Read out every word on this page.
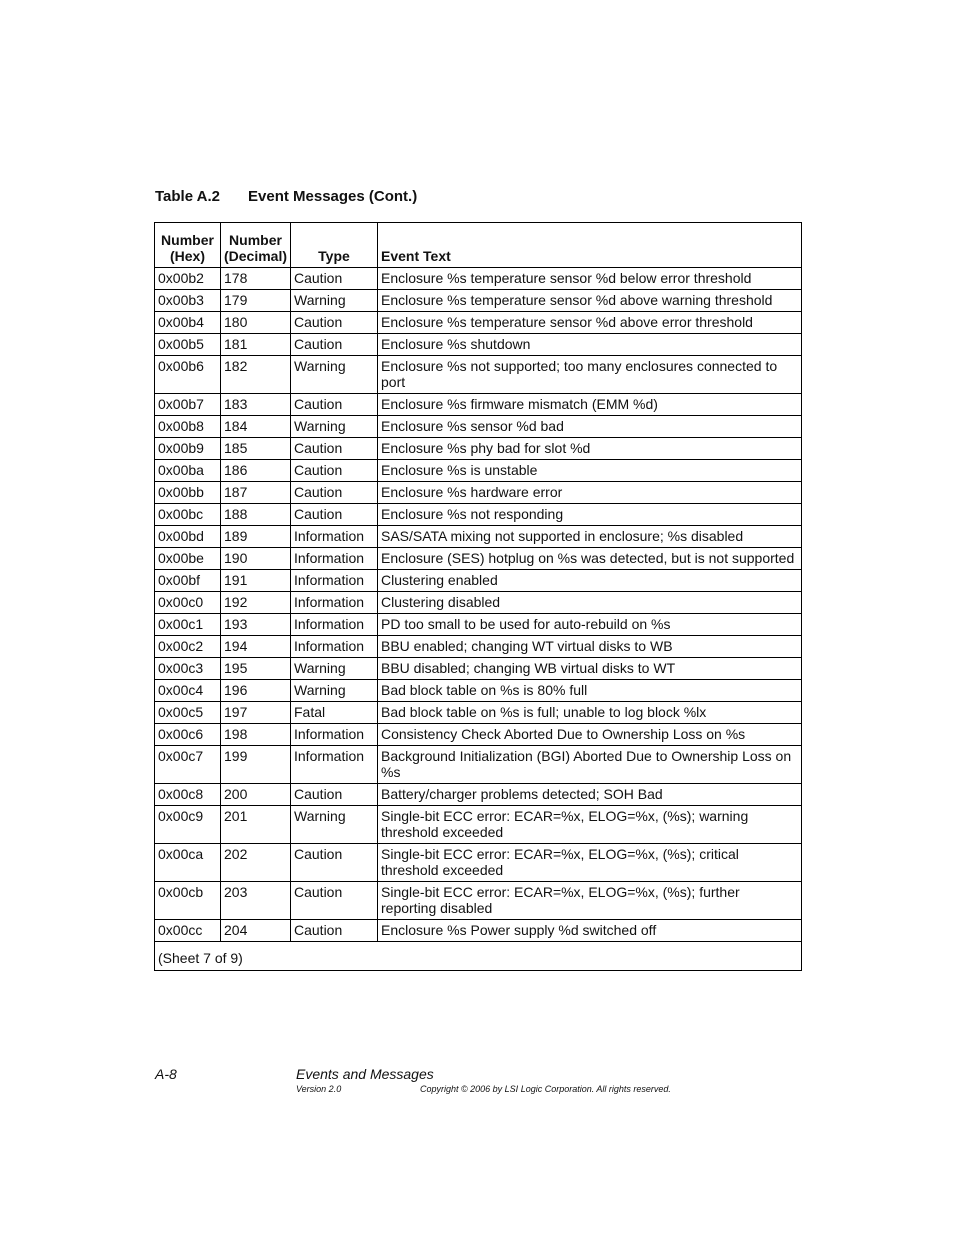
Table A.2 Event Messages (Cont.)
Number (Hex)	Number (Decimal)	Type	Event Text
0x00b2	178	Caution	Enclosure %s temperature sensor %d below error threshold
0x00b3	179	Warning	Enclosure %s temperature sensor %d above warning threshold
0x00b4	180	Caution	Enclosure %s temperature sensor %d above error threshold
0x00b5	181	Caution	Enclosure %s shutdown
0x00b6	182	Warning	Enclosure %s not supported; too many enclosures connected to port
0x00b7	183	Caution	Enclosure %s firmware mismatch (EMM %d)
0x00b8	184	Warning	Enclosure %s sensor %d bad
0x00b9	185	Caution	Enclosure %s phy bad for slot %d
0x00ba	186	Caution	Enclosure %s is unstable
0x00bb	187	Caution	Enclosure %s hardware error
0x00bc	188	Caution	Enclosure %s not responding
0x00bd	189	Information	SAS/SATA mixing not supported in enclosure; %s disabled
0x00be	190	Information	Enclosure (SES) hotplug on %s was detected, but is not supported
0x00bf	191	Information	Clustering enabled
0x00c0	192	Information	Clustering disabled
0x00c1	193	Information	PD too small to be used for auto-rebuild on %s
0x00c2	194	Information	BBU enabled; changing WT virtual disks to WB
0x00c3	195	Warning	BBU disabled; changing WB virtual disks to WT
0x00c4	196	Warning	Bad block table on %s is 80% full
0x00c5	197	Fatal	Bad block table on %s is full; unable to log block %lx
0x00c6	198	Information	Consistency Check Aborted Due to Ownership Loss on %s
0x00c7	199	Information	Background Initialization (BGI) Aborted Due to Ownership Loss on %s
0x00c8	200	Caution	Battery/charger problems detected; SOH Bad
0x00c9	201	Warning	Single-bit ECC error: ECAR=%x, ELOG=%x, (%s); warning threshold exceeded
0x00ca	202	Caution	Single-bit ECC error: ECAR=%x, ELOG=%x, (%s); critical threshold exceeded
0x00cb	203	Caution	Single-bit ECC error: ECAR=%x, ELOG=%x, (%s); further reporting disabled
0x00cc	204	Caution	Enclosure %s Power supply %d switched off
(Sheet 7 of 9)			
A-8	Events and Messages
Version 2.0	Copyright © 2006 by LSI Logic Corporation. All rights reserved.
